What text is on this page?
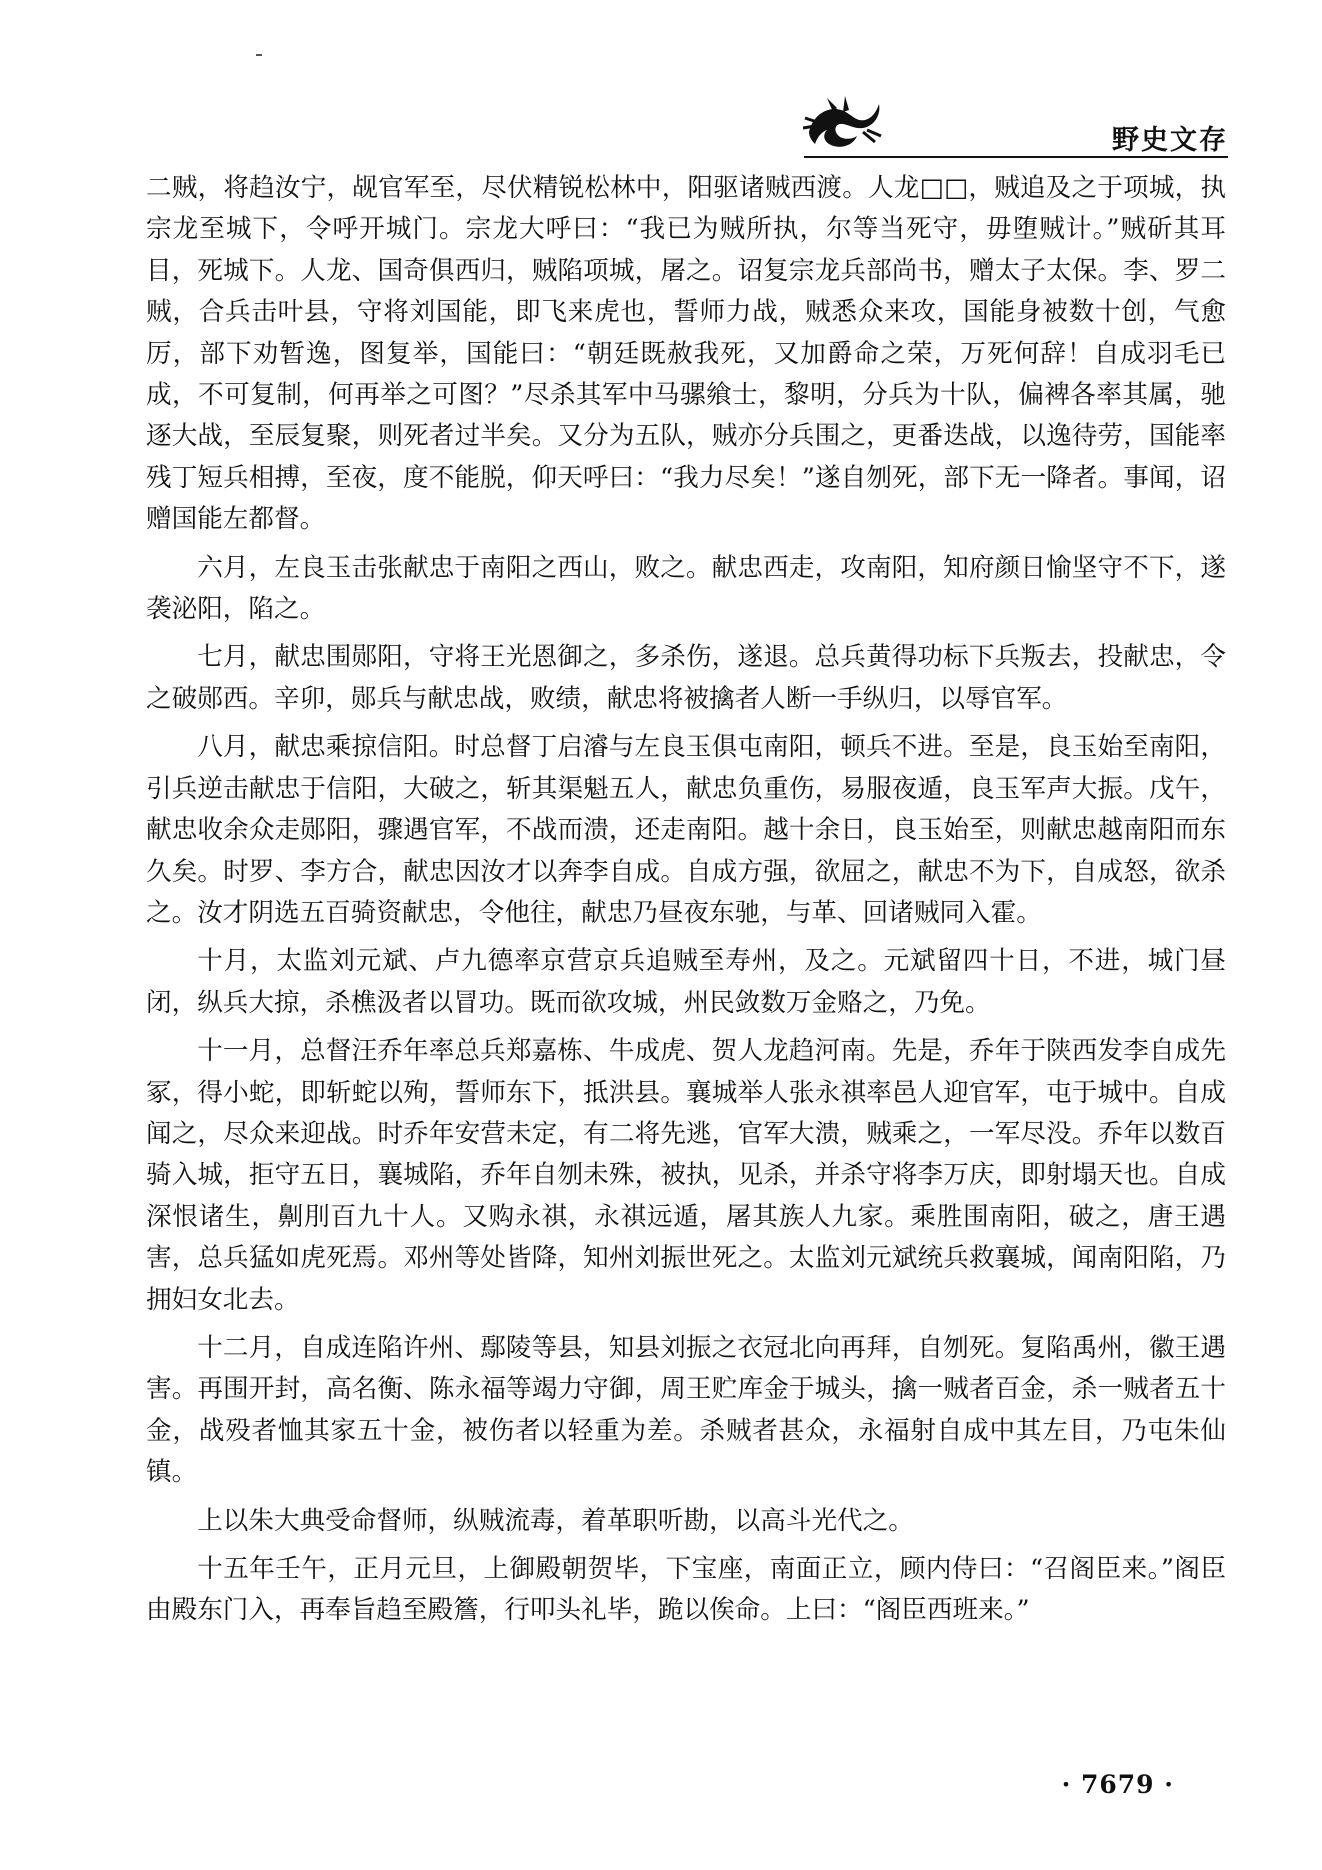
野史文存

二贼，将趋汝宁，觇官军至，尽伏精锐松林中，阳驱诸贼西渡。人龙□□，贼追及之于项城，执宗龙至城下，令呼开城门。宗龙大呼曰：“我已为贼所执，尔等当死守，毋堕贼计。”贼斫其耳目，死城下。人龙、国奇俱西归，贼陷项城，屠之。诏复宗龙兵部尚书，赠太子太保。李、罗二贼，合兵击叶县，守将刘国能，即飞来虎也，誓师力战，贼悉众来攻，国能身被数十创，气愈厉，部下劝暂逸，图复举，国能曰：“朝廷既赦我死，又加爵命之荣，万死何辞！自成羽毛已成，不可复制，何再举之可图？”尽杀其军中马骡飨士，黎明，分兵为十队，偏裨各率其属，驰逐大战，至辰复聚，则死者过半矣。又分为五队，贼亦分兵围之，更番迭战，以逸待劳，国能率残丁短兵相搏，至夜，度不能脱，仰天呼曰：“我力尽矣！”遂自刎死，部下无一降者。事闻，诏赠国能左都督。

六月，左良玉击张献忠于南阳之西山，败之。献忠西走，攻南阳，知府颜日愉坚守不下，遂袭泌阳，陷之。

七月，献忠围郧阳，守将王光恩御之，多杀伤，遂退。总兵黄得功标下兵叛去，投献忠，令之破郧西。辛卯，郧兵与献忠战，败绩，献忠将被擒者人断一手纵归，以辱官军。

八月，献忠乘掠信阳。时总督丁启濬与左良玉俱屯南阳，顿兵不进。至是，良玉始至南阳，引兵逆击献忠于信阳，大破之，斩其渠魁五人，献忠负重伤，易服夜遁，良玉军声大振。戊午，献忠收余众走郧阳，骤遇官军，不战而溃，还走南阳。越十余日，良玉始至，则献忠越南阳而东久矣。时罗、李方合，献忠因汝才以奔李自成。自成方强，欲屈之，献忠不为下，自成怒，欲杀之。汝才阴选五百骑资献忠，令他往，献忠乃昼夜东驰，与革、回诸贼同入霍。

十月，太监刘元斌、卢九德率京营京兵追贼至寿州，及之。元斌留四十日，不进，城门昼闭，纵兵大掠，杀樵汲者以冒功。既而欲攻城，州民敛数万金赂之，乃免。

十一月，总督汪乔年率总兵郑嘉栋、牛成虎、贺人龙趋河南。先是，乔年于陕西发李自成先冢，得小蛇，即斩蛇以殉，誓师东下，抵洪县。襄城举人张永祺率邑人迎官军，屯于城中。自成闻之，尽众来迎战。时乔年安营未定，有二将先逃，官军大溃，贼乘之，一军尽没。乔年以数百骑入城，拒守五日，襄城陷，乔年自刎未殊，被执，见杀，并杀守将李万庆，即射塌天也。自成深恨诸生，劓刖百九十人。又购永祺，永祺远遁，屠其族人九家。乘胜围南阳，破之，唐王遇害，总兵猛如虎死焉。邓州等处皆降，知州刘振世死之。太监刘元斌统兵救襄城，闻南阳陷，乃拥妇女北去。

十二月，自成连陷许州、鄢陵等县，知县刘振之衣冠北向再拜，自刎死。复陷禹州，徽王遇害。再围开封，高名衡、陈永福等竭力守御，周王贮库金于城头，擒一贼者百金，杀一贼者五十金，战殁者恤其家五十金，被伤者以轻重为差。杀贼者甚众，永福射自成中其左目，乃屯朱仙镇。

上以朱大典受命督师，纵贼流毒，着革职听勘，以高斗光代之。

十五年壬午，正月元旦，上御殿朝贺毕，下宝座，南面正立，顾内侍曰：“召阁臣来。”阁臣由殿东门入，再奉旨趋至殿簷，行叩头礼毕，跪以俟命。上曰：“阁臣西班来。”

· 7679 ·
